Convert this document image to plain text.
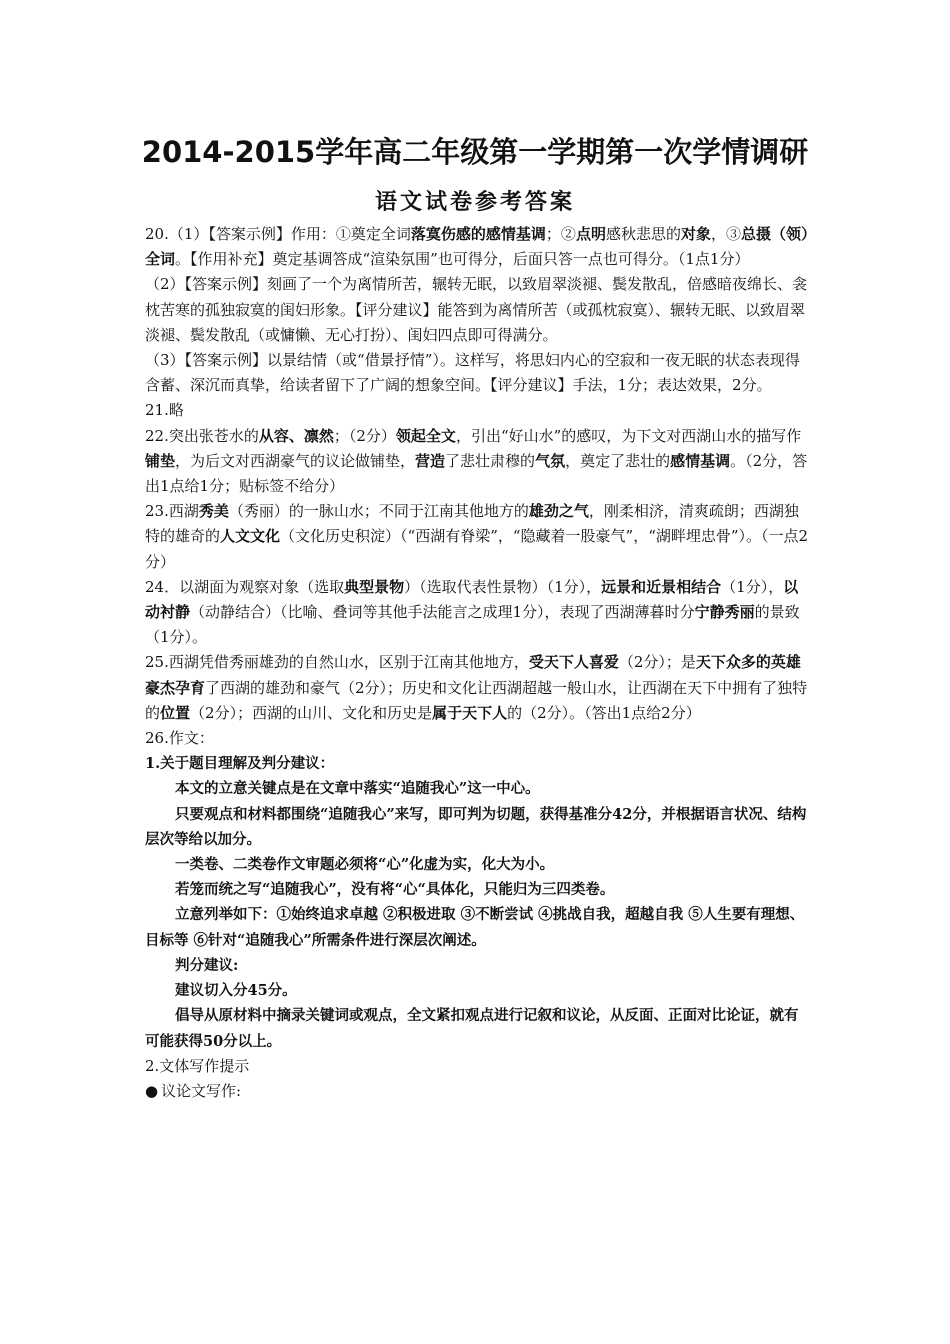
2014-2015学年高二年级第一学期第一次学情调研
语文试卷参考答案

20.（1）【答案示例】作用：①奠定全词落寞伤感的感情基调；②点明感秋悲思的对象，③总摄（领）全词。【作用补充】奠定基调答成“渲染氛围”也可得分，后面只答一点也可得分。（1点1分）

（2）【答案示例】刻画了一个为离情所苦，辗转无眠，以致眉翠淡褪、鬓发散乱，倍感暗夜绵长、衾枕苦寒的孤独寂寞的闺妇形象。【评分建议】能答到为离情所苦（或孤枕寂寞）、辗转无眠、以致眉翠淡褪、鬓发散乱（或慵懒、无心打扮）、闺妇四点即可得满分。

（3）【答案示例】以景结情（或“借景抒情”）。这样写，将思妇内心的空寂和一夜无眠的状态表现得含蓄、深沉而真挚，给读者留下了广阔的想象空间。【评分建议】手法，1分；表达效果，2分。

21.略

22.突出张苍水的从容、凛然；（2分）领起全文，引出“好山水”的感叹，为下文对西湖山水的描写作铺垫，为后文对西湖豪气的议论做铺垫，营造了悲壮肃穆的气氛，奠定了悲壮的感情基调。（2分，答出1点给1分；贴标签不给分）

23.西湖秀美（秀丽）的一脉山水；不同于江南其他地方的雄劲之气，刚柔相济，清爽疏朗；西湖独特的雄奇的人文文化（文化历史积淀）（“西湖有脊梁”，“隐藏着一股豪气”，“湖畔埋忠骨”）。（一点2分）

24．以湖面为观察对象（选取典型景物）（选取代表性景物）（1分），远景和近景相结合（1分），以动衬静（动静结合）（比喻、叠词等其他手法能言之成理1分），表现了西湖薄暮时分宁静秀丽的景致（1分）。

25.西湖凭借秀丽雄劲的自然山水，区别于江南其他地方，受天下人喜爱（2分）；是天下众多的英雄豪杰孕育了西湖的雄劲和豪气（2分）；历史和文化让西湖超越一般山水，让西湖在天下中拥有了独特的位置（2分）；西湖的山川、文化和历史是属于天下人的（2分）。（答出1点给2分）

26.作文：

1.关于题目理解及判分建议：

本文的立意关键点是在文章中落实“追随我心”这一中心。

只要观点和材料都围绕“追随我心”来写，即可判为切题，获得基准分42分，并根据语言状况、结构层次等给以加分。

一类卷、二类卷作文审题必须将“心”化虚为实，化大为小。

若笼而统之写“追随我心”，没有将“心“具体化，只能归为三四类卷。

立意列举如下：①始终追求卓越 ②积极进取 ③不断尝试 ④挑战自我，超越自我 ⑤人生要有理想、目标等 ⑥针对“追随我心”所需条件进行深层次阐述。

判分建议:

建议切入分45分。

倡导从原材料中摘录关键词或观点，全文紧扣观点进行记叙和议论，从反面、正面对比论证，就有可能获得50分以上。

2.文体写作提示

● 议论文写作:
